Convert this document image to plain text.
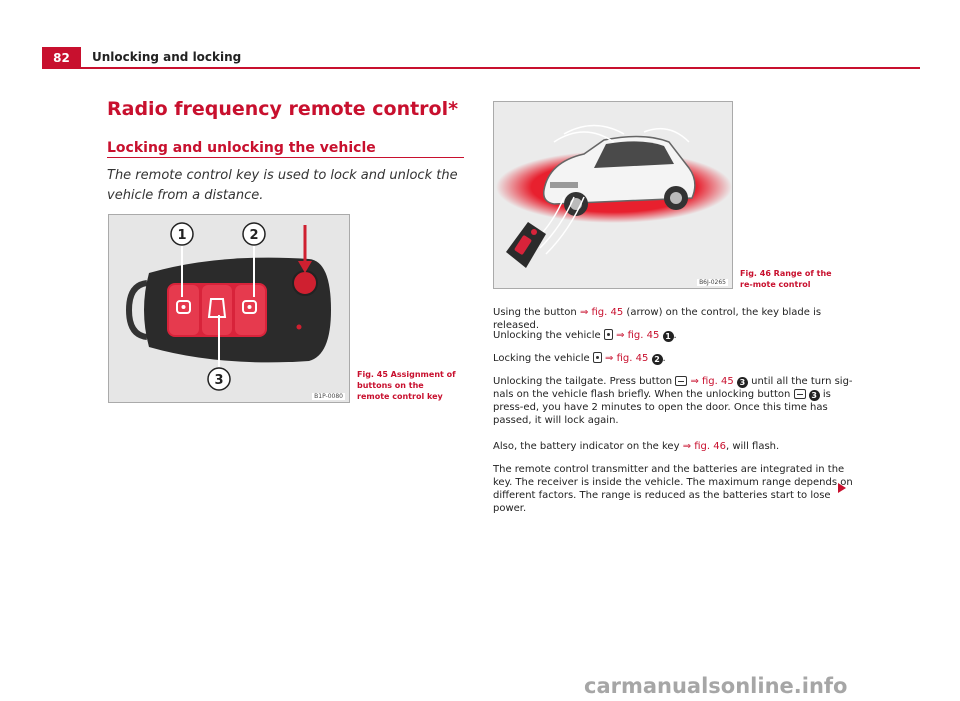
82	Unlocking and locking
Radio frequency remote control*
Locking and unlocking the vehicle

The remote control key is used to lock and unlock the vehicle from a distance.

1	2
3
B1P-0080
Fig. 45 Assignment of buttons on the remote control key
B6J-0265
Fig. 46 Range of the re-mote control

Using the button ⇒ fig. 45 (arrow) on the control, the key blade is released.

Unlocking the vehicle  ⇒ fig. 45 1 .

Locking the vehicle  ⇒ fig. 45 2 .

Unlocking the tailgate. Press button  ⇒ fig. 45 3 until all the turn sig-nals on the vehicle flash briefly. When the unlocking button  3 is press-ed, you have 2 minutes to open the door. Once this time has passed, it will lock again.

Also, the battery indicator on the key ⇒ fig. 46, will flash.

The remote control transmitter and the batteries are integrated in the key. The receiver is inside the vehicle. The maximum range depends on different factors. The range is reduced as the batteries start to lose power.

carmanualsonline.info
